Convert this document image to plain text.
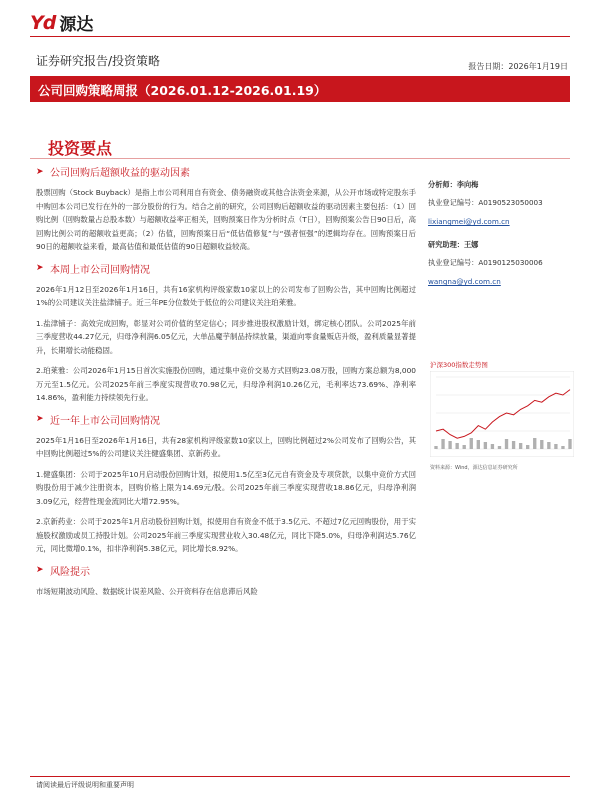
Yd 源达
证券研究报告/投资策略	报告日期：2026年1月19日
公司回购策略周报（2026.01.12-2026.01.19）
投资要点
➤ 公司回购后超额收益的驱动因素
股票回购（Stock Buyback）是指上市公司利用自有资金、债务融资或其他合法资金来源，从公开市场或特定股东手中购回本公司已发行在外的一部分股份的行为。结合之前的研究，公司回购后超额收益的驱动因素主要包括：（1）回购比例（回购数量占总股本数）与超额收益率正相关，回购预案日作为分析时点（T日），回购预案公告日90日后，高回购比例公司的超额收益更高；（2）估值，回购预案日后“低估值修复”与“强者恒强”的逻辑均存在。回购预案日后90日的超额收益来看，最高估值和最低估值的90日超额收益较高。
➤ 本周上市公司回购情况
2026年1月12日至2026年1月16日，共有16家机构评级家数10家以上的公司发布了回购公告，其中回购比例超过1%的公司建议关注盐津铺子。近三年PE分位数处于低位的公司建议关注珀莱雅。
1.盐津铺子：高效完成回购，彰显对公司价值的坚定信心；同步推进股权激励计划，绑定核心团队。公司2025年前三季度营收44.27亿元，归母净利润6.05亿元，大单品魔芋制品持续放量，渠道向零食量贩店升级，盈利质量显著提升，长期增长动能稳固。
2.珀莱雅：公司2026年1月15日首次实施股份回购，通过集中竞价交易方式回购23.08万股，回购方案总额为8,000万元至1.5亿元。公司2025年前三季度实现营收70.98亿元，归母净利润10.26亿元，毛利率达73.69%、净利率14.86%，盈利能力持续领先行业。
➤ 近一年上市公司回购情况
2025年1月16日至2026年1月16日，共有28家机构评级家数10家以上，回购比例超过2%公司发布了回购公告，其中回购比例超过5%的公司建议关注健盛集团、京新药业。
1.健盛集团：公司于2025年10月启动股份回购计划，拟使用1.5亿至3亿元自有资金及专项贷款，以集中竞价方式回购股份用于减少注册资本，回购价格上限为14.69元/股。公司2025年前三季度实现营收18.86亿元，归母净利润3.09亿元，经营性现金流同比大增72.95%。
2.京新药业：公司于2025年1月启动股份回购计划，拟使用自有资金不低于3.5亿元、不超过7亿元回购股份，用于实施股权激励或员工持股计划。公司2025年前三季度实现营业收入30.48亿元，同比下降5.0%，归母净利润达5.76亿元，同比微增0.1%，扣非净利润5.38亿元，同比增长8.92%。
➤ 风险提示
市场短期波动风险、数据统计误差风险、公开资料存在信息滞后风险
分析师：李向梅
执业登记编号：A0190523050003
lixiangmei@yd.com.cn
研究助理：王娜
执业登记编号：A0190125030006
wangna@yd.com.cn
沪深300指数走势图
资料来源：Wind，源达信息证券研究所
请阅读最后评级说明和重要声明
